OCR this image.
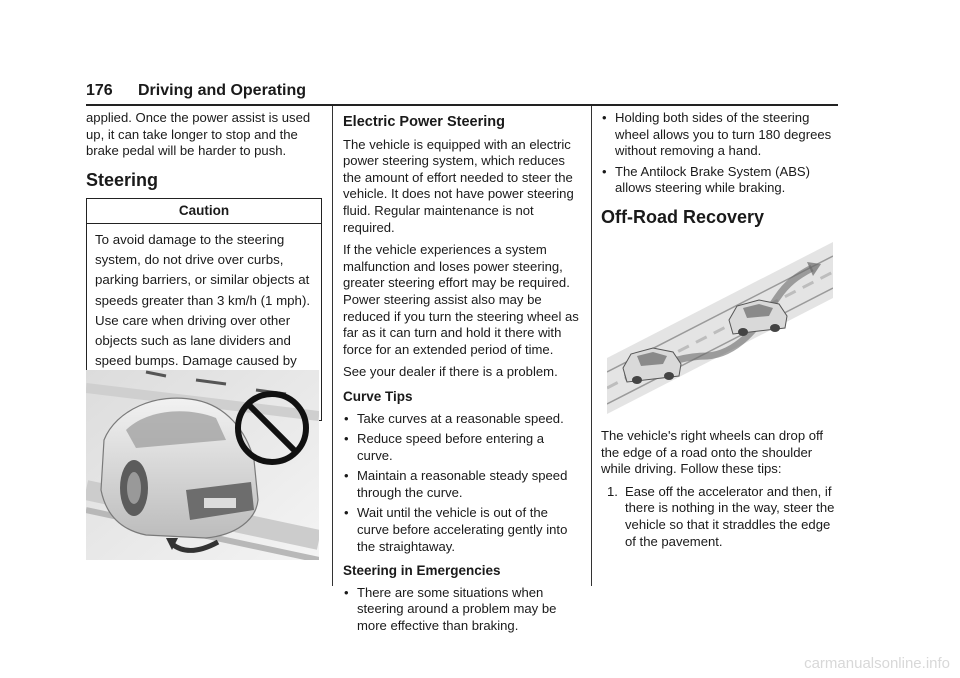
176 Driving and Operating

applied. Once the power assist is used up, it can take longer to stop and the brake pedal will be harder to push.

Steering
Caution
To avoid damage to the steering system, do not drive over curbs, parking barriers, or similar objects at speeds greater than 3 km/h (1 mph). Use care when driving over other objects such as lane dividers and speed bumps. Damage caused by
Electric Power Steering

The vehicle is equipped with an electric power steering system, which reduces the amount of effort needed to steer the vehicle. It does not have power steering fluid. Regular maintenance is not required.

If the vehicle experiences a system malfunction and loses power steering, greater steering effort may be required. Power steering assist also may be reduced if you turn the steering wheel as far as it can turn and hold it there with force for an extended period of time.

See your dealer if there is a problem.

Curve Tips
• Take curves at a reasonable speed.
• Reduce speed before entering a curve.
• Maintain a reasonable steady speed through the curve.
• Wait until the vehicle is out of the curve before accelerating gently into the straightaway.
Steering in Emergencies
• There are some situations when steering around a problem may be more effective than braking.
• Holding both sides of the steering wheel allows you to turn 180 degrees without removing a hand.
• The Antilock Brake System (ABS) allows steering while braking.
Off-Road Recovery

The vehicle's right wheels can drop off the edge of a road onto the shoulder while driving. Follow these tips:

1. Ease off the accelerator and then, if there is nothing in the way, steer the vehicle so that it straddles the edge of the pavement.
carmanualsonline.info
